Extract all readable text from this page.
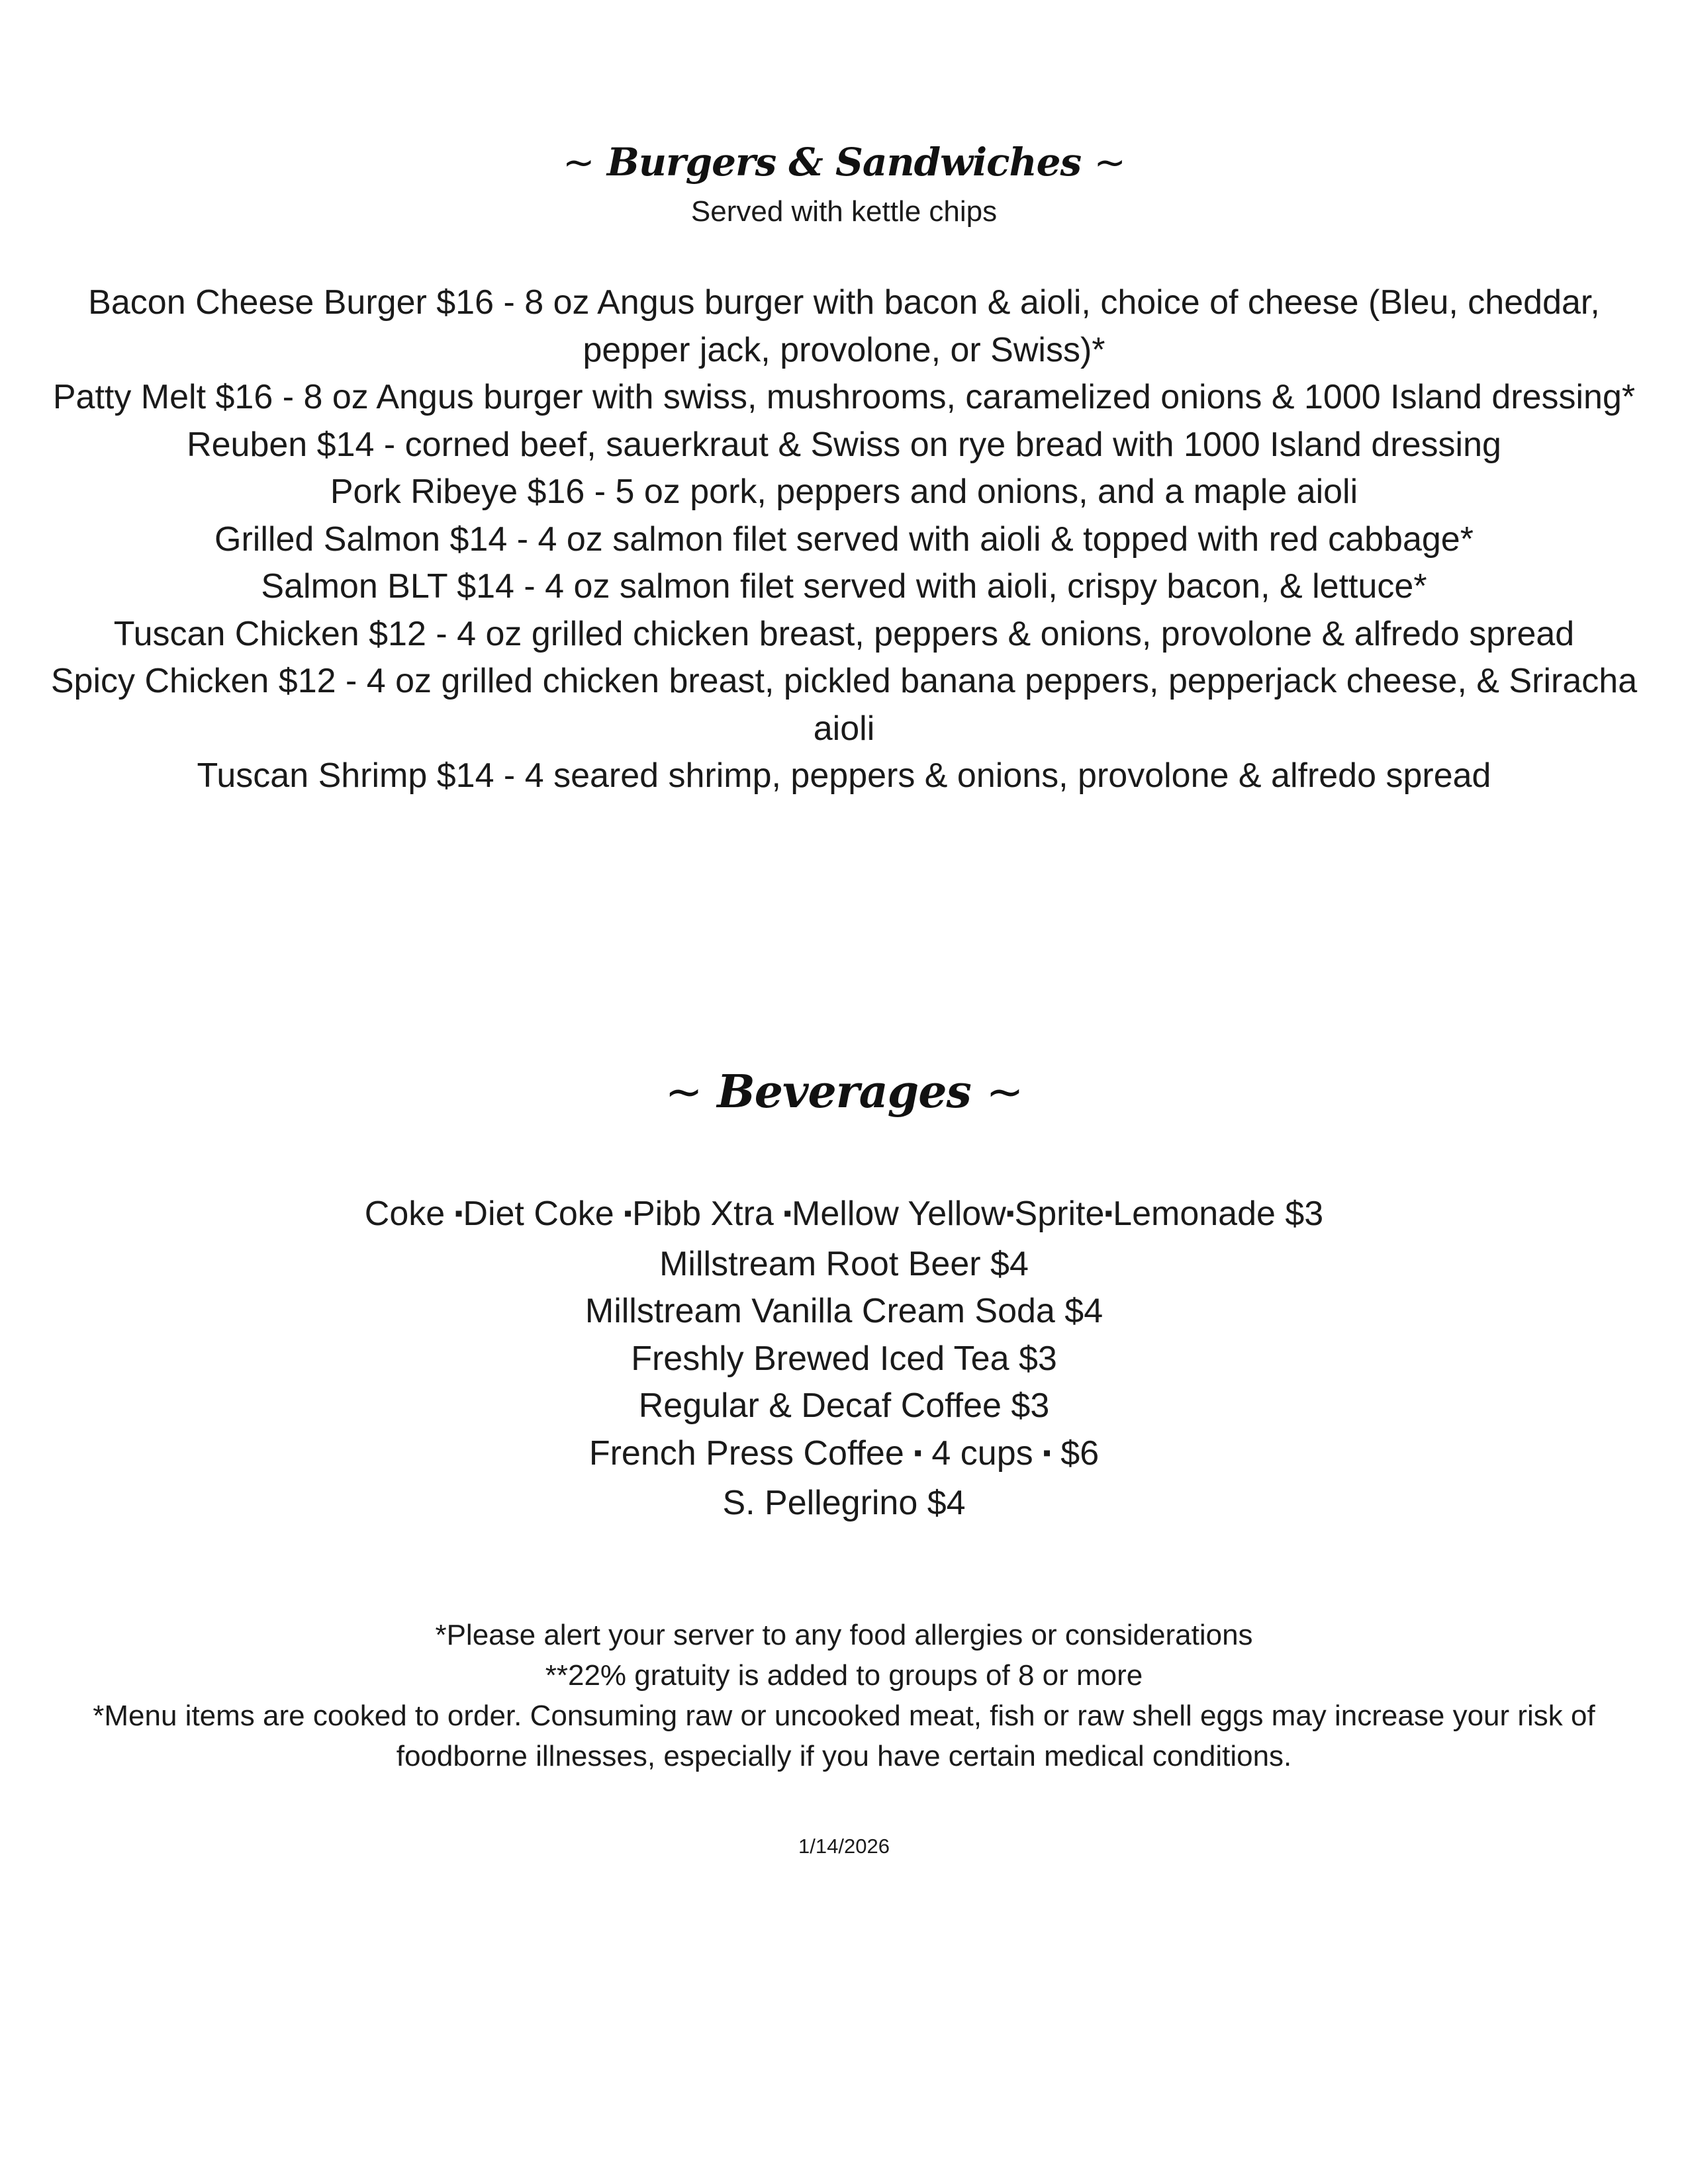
~ Burgers & Sandwiches ~
Served with kettle chips
Bacon Cheese Burger $16 - 8 oz Angus burger with bacon & aioli, choice of cheese (Bleu, cheddar, pepper jack, provolone, or Swiss)*
Patty Melt $16 - 8 oz Angus burger with swiss, mushrooms, caramelized onions & 1000 Island dressing*
Reuben $14 - corned beef, sauerkraut & Swiss on rye bread with 1000 Island dressing
Pork Ribeye $16 - 5 oz pork, peppers and onions, and a maple aioli
Grilled Salmon $14 - 4 oz salmon filet served with aioli & topped with red cabbage*
Salmon BLT $14 - 4 oz salmon filet served with aioli, crispy bacon, & lettuce*
Tuscan Chicken $12 - 4 oz grilled chicken breast, peppers & onions, provolone & alfredo spread
Spicy Chicken $12 - 4 oz grilled chicken breast, pickled banana peppers, pepperjack cheese, & Sriracha aioli
Tuscan Shrimp $14 - 4 seared shrimp, peppers & onions, provolone & alfredo spread
~ Beverages ~
Coke ▪Diet Coke ▪Pibb Xtra ▪Mellow Yellow▪Sprite▪Lemonade $3
Millstream Root Beer $4
Millstream Vanilla Cream Soda $4
Freshly Brewed Iced Tea $3
Regular & Decaf Coffee $3
French Press Coffee ▪ 4 cups ▪ $6
S. Pellegrino $4
*Please alert your server to any food allergies or considerations
**22% gratuity is added to groups of 8 or more
*Menu items are cooked to order. Consuming raw or uncooked meat, fish or raw shell eggs may increase your risk of foodborne illnesses, especially if you have certain medical conditions.
1/14/2026
